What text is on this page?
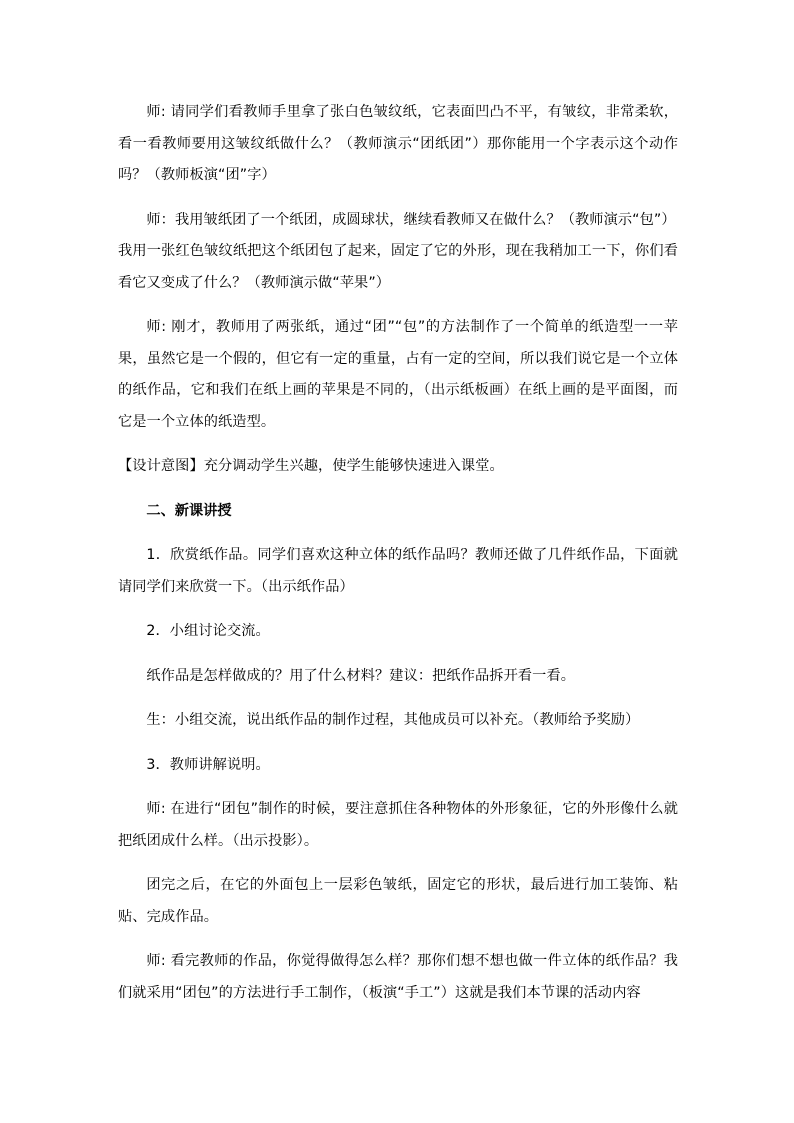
师: 请同学们看教师手里拿了张白色皱纹纸，它表面凹凸不平，有皱纹，非常柔软，看一看教师要用这皱纹纸做什么？（教师演示“团纸团”）那你能用一个字表示这个动作吗？（教师板演“团”字）

师：我用皱纸团了一个纸团，成圆球状，继续看教师又在做什么？（教师演示“包”）

我用一张红色皱纹纸把这个纸团包了起来，固定了它的外形，现在我稍加工一下，你们看看它又变成了什么？（教师演示做“苹果”）

师: 刚才，教师用了两张纸，通过“团”“包”的方法制作了一个简单的纸造型一一苹果，虽然它是一个假的，但它有一定的重量，占有一定的空间，所以我们说它是一个立体的纸作品，它和我们在纸上画的苹果是不同的，（出示纸板画）在纸上画的是平面图，而它是一个立体的纸造型。

【设计意图】充分调动学生兴趣，使学生能够快速进入课堂。

二、新课讲授

1．欣赏纸作品。同学们喜欢这种立体的纸作品吗？教师还做了几件纸作品，下面就请同学们来欣赏一下。（出示纸作品）

2．小组讨论交流。

纸作品是怎样做成的？用了什么材料？建议：把纸作品拆开看一看。

生：小组交流，说出纸作品的制作过程，其他成员可以补充。（教师给予奖励）

3．教师讲解说明。

师: 在进行“团包”制作的时候，要注意抓住各种物体的外形象征，它的外形像什么就把纸团成什么样。（出示投影）。

团完之后，在它的外面包上一层彩色皱纸，固定它的形状，最后进行加工装饰、粘贴、完成作品。

师: 看完教师的作品，你觉得做得怎么样？那你们想不想也做一件立体的纸作品？我们就采用“团包”的方法进行手工制作，（板演“手工”）这就是我们本节课的活动内容
